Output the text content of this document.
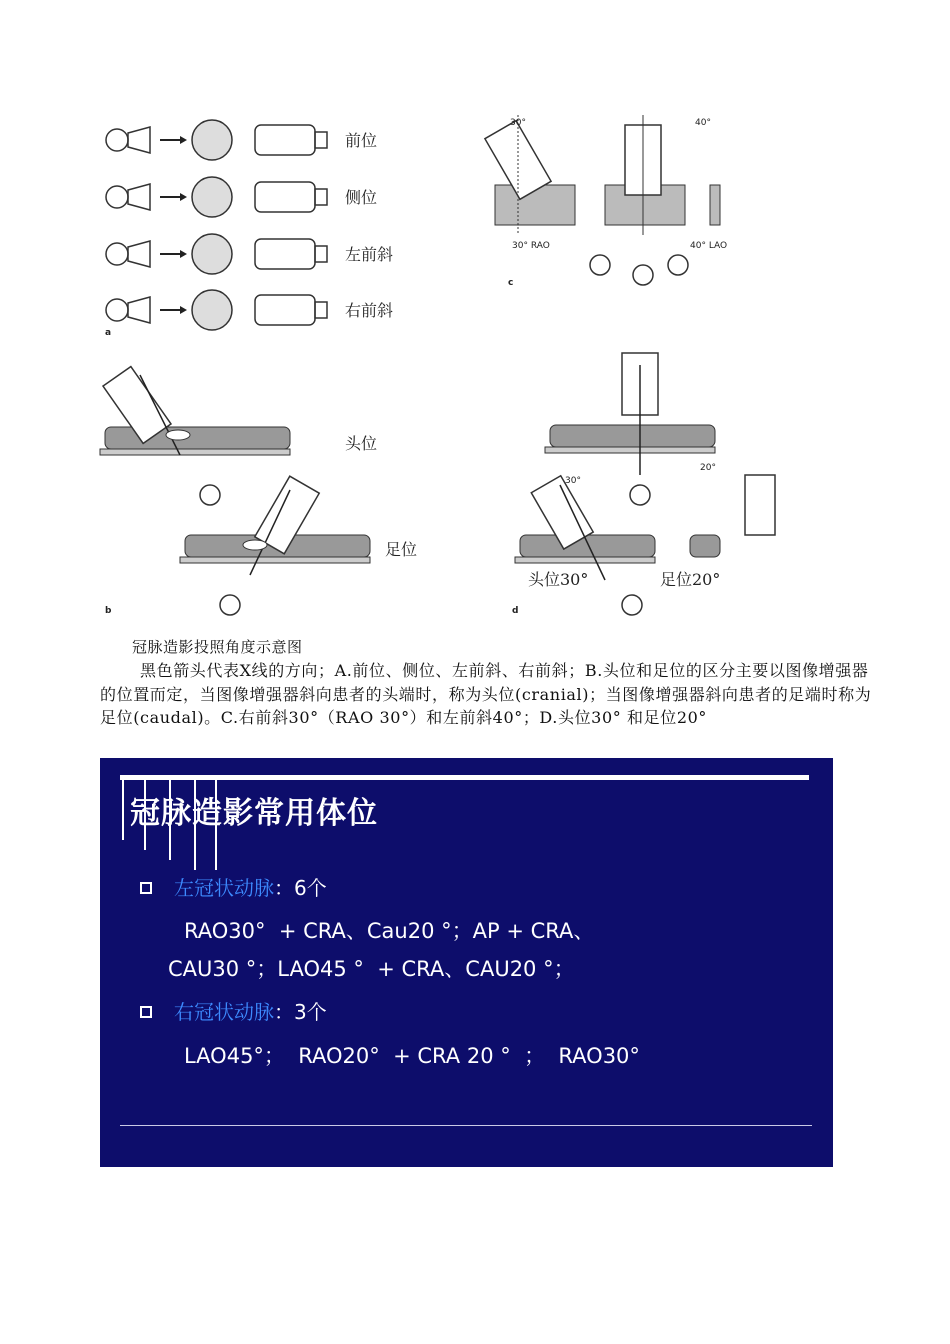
前位
侧位
左前斜
右前斜
a
30°	40°
30° RAO	40° LAO
c
头位
足位
b
30°
头位30°
20°
足位20°
d
冠脉造影投照角度示意图
黑色箭头代表X线的方向；A.前位、侧位、左前斜、右前斜；B.头位和足位的区分主要以图像增强器的位置而定，当图像增强器斜向患者的头端时，称为头位(cranial)；当图像增强器斜向患者的足端时称为足位(caudal)。C.右前斜30°（RAO 30°）和左前斜40°；D.头位30° 和足位20°
冠脉造影常用体位
左冠状动脉：6个
RAO30°  + CRA、Cau20 °；AP + CRA、
CAU30 °；LAO45 °  + CRA、CAU20 °；
右冠状动脉：3个
LAO45°；  RAO20°  + CRA 20 °  ；  RAO30°
